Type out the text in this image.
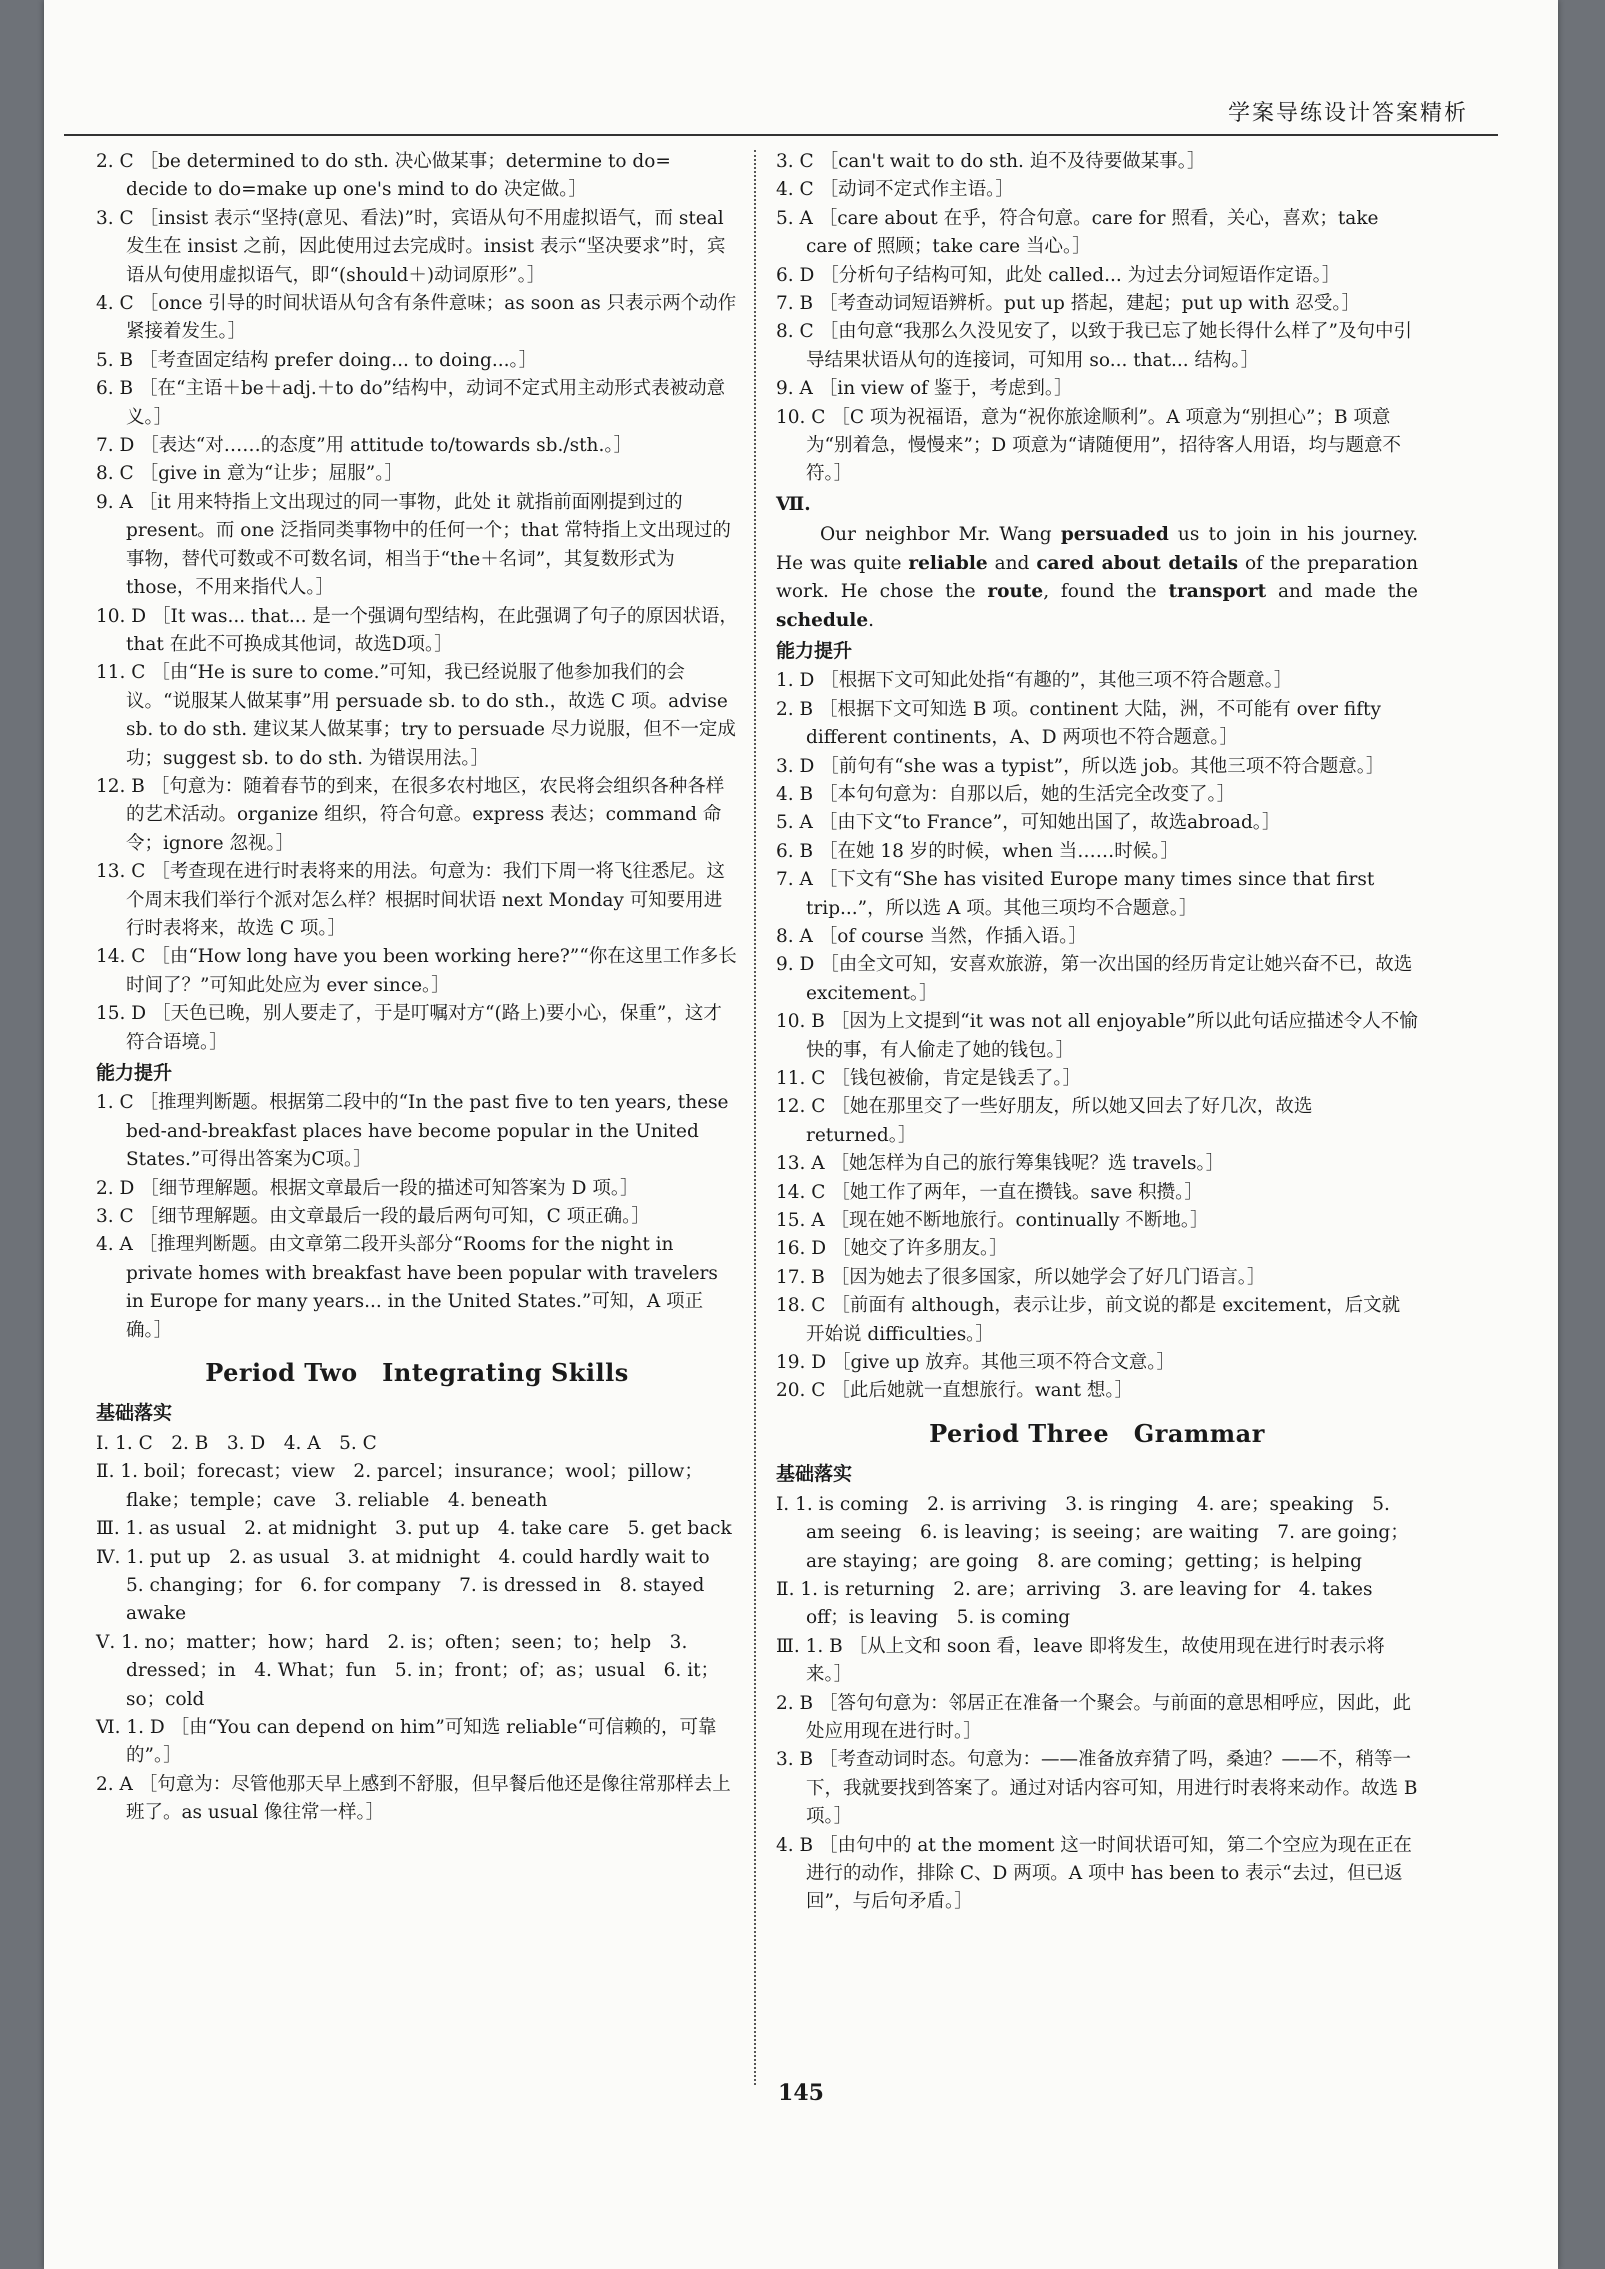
学案导练设计答案精析

2. C ［be determined to do sth. 决心做某事；determine to do= decide to do=make up one's mind to do 决定做。］

3. C ［insist 表示“坚持(意见、看法)”时，宾语从句不用虚拟语气，而 steal 发生在 insist 之前，因此使用过去完成时。insist 表示“坚决要求”时，宾语从句使用虚拟语气，即“(should＋)动词原形”。］

4. C ［once 引导的时间状语从句含有条件意味；as soon as 只表示两个动作紧接着发生。］

5. B ［考查固定结构 prefer doing... to doing...。］

6. B ［在“主语＋be＋adj.＋to do”结构中，动词不定式用主动形式表被动意义。］

7. D ［表达“对……的态度”用 attitude to/towards sb./sth.。］

8. C ［give in 意为“让步；屈服”。］

9. A ［it 用来特指上文出现过的同一事物，此处 it 就指前面刚提到过的 present。而 one 泛指同类事物中的任何一个；that 常特指上文出现过的事物，替代可数或不可数名词，相当于“the＋名词”，其复数形式为 those，不用来指代人。］

10. D ［It was... that... 是一个强调句型结构，在此强调了句子的原因状语，that 在此不可换成其他词，故选D项。］

11. C ［由“He is sure to come.”可知，我已经说服了他参加我们的会议。“说服某人做某事”用 persuade sb. to do sth.，故选 C 项。advise sb. to do sth. 建议某人做某事；try to persuade 尽力说服，但不一定成功；suggest sb. to do sth. 为错误用法。］

12. B ［句意为：随着春节的到来，在很多农村地区，农民将会组织各种各样的艺术活动。organize 组织，符合句意。express 表达；command 命令；ignore 忽视。］

13. C ［考查现在进行时表将来的用法。句意为：我们下周一将飞往悉尼。这个周末我们举行个派对怎么样？根据时间状语 next Monday 可知要用进行时表将来，故选 C 项。］

14. C ［由“How long have you been working here?”“你在这里工作多长时间了？”可知此处应为 ever since。］

15. D ［天色已晚，别人要走了，于是叮嘱对方“(路上)要小心，保重”，这才符合语境。］

能力提升

1. C ［推理判断题。根据第二段中的“In the past five to ten years, these bed-and-breakfast places have become popular in the United States.”可得出答案为C项。］

2. D ［细节理解题。根据文章最后一段的描述可知答案为 D 项。］

3. C ［细节理解题。由文章最后一段的最后两句可知，C 项正确。］

4. A ［推理判断题。由文章第二段开头部分“Rooms for the night in private homes with breakfast have been popular with travelers in Europe for many years... in the United States.”可知，A 项正确。］

Period Two　Integrating Skills
基础落实

Ⅰ. 1. C　2. B　3. D　4. A　5. C

Ⅱ. 1. boil；forecast；view　2. parcel；insurance；wool；pillow；flake；temple；cave　3. reliable　4. beneath

Ⅲ. 1. as usual　2. at midnight　3. put up　4. take care　5. get back

Ⅳ. 1. put up　2. as usual　3. at midnight　4. could hardly wait to　5. changing；for　6. for company　7. is dressed in　8. stayed awake

Ⅴ. 1. no；matter；how；hard　2. is；often；seen；to；help　3. dressed；in　4. What；fun　5. in；front；of；as；usual　6. it；so；cold

Ⅵ. 1. D ［由“You can depend on him”可知选 reliable“可信赖的，可靠的”。］

2. A ［句意为：尽管他那天早上感到不舒服，但早餐后他还是像往常那样去上班了。as usual 像往常一样。］

3. C ［can't wait to do sth. 迫不及待要做某事。］

4. C ［动词不定式作主语。］

5. A ［care about 在乎，符合句意。care for 照看，关心，喜欢；take care of 照顾；take care 当心。］

6. D ［分析句子结构可知，此处 called... 为过去分词短语作定语。］

7. B ［考查动词短语辨析。put up 搭起，建起；put up with 忍受。］

8. C ［由句意“我那么久没见安了，以致于我已忘了她长得什么样了”及句中引导结果状语从句的连接词，可知用 so... that... 结构。］

9. A ［in view of 鉴于，考虑到。］

10. C ［C 项为祝福语，意为“祝你旅途顺利”。A 项意为“别担心”；B 项意为“别着急，慢慢来”；D 项意为“请随便用”，招待客人用语，均与题意不符。］

Ⅶ.

Our neighbor Mr. Wang persuaded us to join in his journey. He was quite reliable and cared about details of the preparation work. He chose the route, found the transport and made the schedule.

能力提升

1. D ［根据下文可知此处指“有趣的”，其他三项不符合题意。］

2. B ［根据下文可知选 B 项。continent 大陆，洲，不可能有 over fifty different continents，A、D 两项也不符合题意。］

3. D ［前句有“she was a typist”，所以选 job。其他三项不符合题意。］

4. B ［本句句意为：自那以后，她的生活完全改变了。］

5. A ［由下文“to France”，可知她出国了，故选abroad。］

6. B ［在她 18 岁的时候，when 当……时候。］

7. A ［下文有“She has visited Europe many times since that first trip...”，所以选 A 项。其他三项均不合题意。］

8. A ［of course 当然，作插入语。］

9. D ［由全文可知，安喜欢旅游，第一次出国的经历肯定让她兴奋不已，故选 excitement。］

10. B ［因为上文提到“it was not all enjoyable”所以此句话应描述令人不愉快的事，有人偷走了她的钱包。］

11. C ［钱包被偷，肯定是钱丢了。］

12. C ［她在那里交了一些好朋友，所以她又回去了好几次，故选 returned。］

13. A ［她怎样为自己的旅行筹集钱呢？选 travels。］

14. C ［她工作了两年，一直在攒钱。save 积攒。］

15. A ［现在她不断地旅行。continually 不断地。］

16. D ［她交了许多朋友。］

17. B ［因为她去了很多国家，所以她学会了好几门语言。］

18. C ［前面有 although，表示让步，前文说的都是 excitement，后文就开始说 difficulties。］

19. D ［give up 放弃。其他三项不符合文意。］

20. C ［此后她就一直想旅行。want 想。］

Period Three　Grammar
基础落实

Ⅰ. 1. is coming　2. is arriving　3. is ringing　4. are；speaking　5. am seeing　6. is leaving；is seeing；are waiting　7. are going；are staying；are going　8. are coming；getting；is helping

Ⅱ. 1. is returning　2. are；arriving　3. are leaving for　4. takes off；is leaving　5. is coming

Ⅲ. 1. B ［从上文和 soon 看，leave 即将发生，故使用现在进行时表示将来。］

2. B ［答句句意为：邻居正在准备一个聚会。与前面的意思相呼应，因此，此处应用现在进行时。］

3. B ［考查动词时态。句意为：——准备放弃猜了吗，桑迪？——不，稍等一下，我就要找到答案了。通过对话内容可知，用进行时表将来动作。故选 B 项。］

4. B ［由句中的 at the moment 这一时间状语可知，第二个空应为现在正在进行的动作，排除 C、D 两项。A 项中 has been to 表示“去过，但已返回”，与后句矛盾。］

145
